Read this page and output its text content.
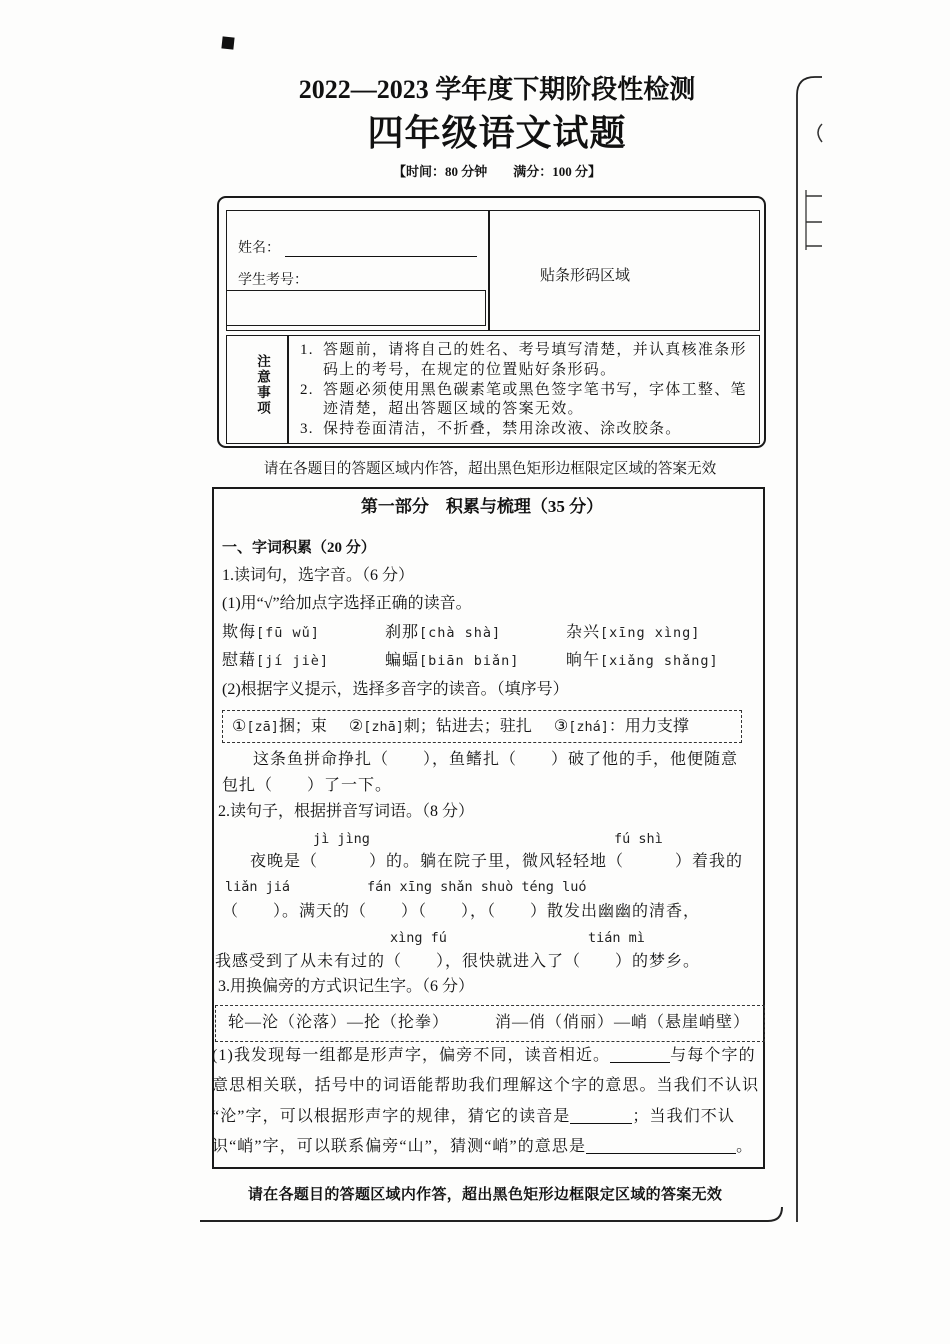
2022—2023 学年度下期阶段性检测
四年级语文试题
【时间：80 分钟　　满分：100 分】
姓名：
学生考号：	贴条形码区域
注意事项
1. 答题前，请将自己的姓名、考号填写清楚，并认真核准条形
码上的考号，在规定的位置贴好条形码。
2. 答题必须使用黑色碳素笔或黑色签字笔书写，字体工整、笔
迹清楚，超出答题区域的答案无效。
3. 保持卷面清洁，不折叠，禁用涂改液、涂改胶条。
请在各题目的答题区域内作答，超出黑色矩形边框限定区域的答案无效
第一部分　积累与梳理（35 分）
一、字词积累（20 分）
1.读词句，选字音。（6 分）
(1)用“√”给加点字选择正确的读音。
欺侮[fū wǔ]	刹那[chà shà]	杂兴[xīng xìng]
慰藉[jí jiè]	蝙蝠[biān biǎn]	晌午[xiǎng shǎng]
(2)根据字义提示，选择多音字的读音。（填序号）
①[zā]捆；束 ②[zhā]刺；钻进去；驻扎 ③[zhá]：用力支撑
这条鱼拼命挣扎（　　），鱼鳍扎（　　）破了他的手，他便随意
包扎（　　）了一下。
2.读句子，根据拼音写词语。（8 分）
jì jìng	fú shì
夜晚是（　　　）的。躺在院子里，微风轻轻地（　　　）着我的
liǎn jiá	fán xīng shǎn shuò téng luó
（　　）。满天的（　　）（　　），（　　）散发出幽幽的清香，
xìng fú	tián mì
我感受到了从未有过的（　　），很快就进入了（　　）的梦乡。
3.用换偏旁的方式识记生字。（6 分）
轮—沦（沦落）—抡（抡拳）	消—俏（俏丽）—峭（悬崖峭壁）
(1)我发现每一组都是形声字，偏旁不同，读音相近。	与每个字的
意思相关联，括号中的词语能帮助我们理解这个字的意思。当我们不认识
“沦”字，可以根据形声字的规律，猜它的读音是	；当我们不认
识“峭”字，可以联系偏旁“山”，猜测“峭”的意思是	。
请在各题目的答题区域内作答，超出黑色矩形边框限定区域的答案无效
